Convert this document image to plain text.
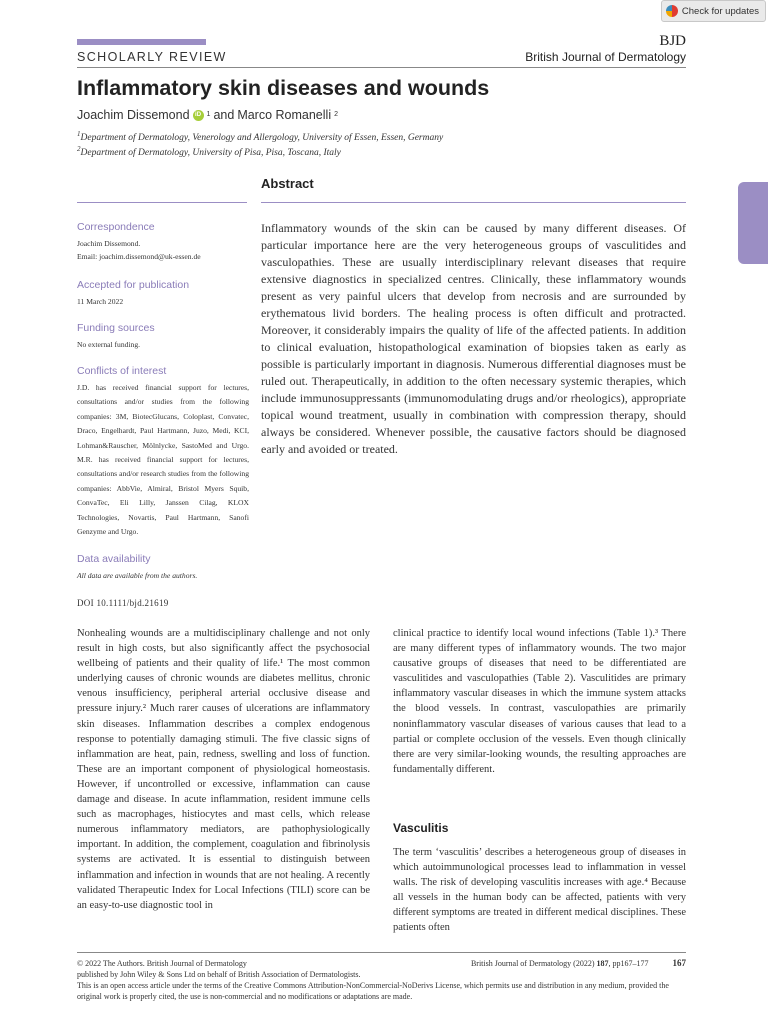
Check for updates
SCHOLARLY REVIEW
BJD
British Journal of Dermatology
Inflammatory skin diseases and wounds
Joachim Dissemond iD 1 and Marco Romanelli 2
$^1$Department of Dermatology, Venerology and Allergology, University of Essen, Essen, Germany
$^2$Department of Dermatology, University of Pisa, Pisa, Toscana, Italy
Abstract

Correspondence

Joachim Dissemond.

Email: joachim.dissemond@uk-essen.de

Accepted for publication

11 March 2022

Funding sources

No external funding.

Conflicts of interest

J.D. has received financial support for lectures, consultations and/or studies from the following companies: 3M, BiotecGlucans, Coloplast, Convatec, Draco, Engelhardt, Paul Hartmann, Juzo, Medi, KCI, Lohman&Rauscher, Mölnlycke, SastoMed and Urgo. M.R. has received financial support for lectures, consultations and/or research studies from the following companies: AbbVie, Almiral, Bristol Myers Squib, ConvaTec, Eli Lilly, Janssen Cilag, KLOX Technologies, Novartis, Paul Hartmann, Sanofi Genzyme and Urgo.

Data availability

All data are available from the authors.

Inflammatory wounds of the skin can be caused by many different diseases. Of particular importance here are the very heterogeneous groups of vasculitides and vasculopathies. These are usually interdisciplinary relevant diseases that require extensive diagnostics in specialized centres. Clinically, these inflammatory wounds present as very painful ulcers that develop from necrosis and are surrounded by erythematous livid borders. The healing process is often difficult and protracted. Moreover, it considerably impairs the quality of life of the affected patients. In addition to clinical evaluation, histopathological examination of biopsies taken as early as possible is particularly important in diagnosis. Numerous differential diagnoses must be ruled out. Therapeutically, in addition to the often necessary systemic therapies, which include immunosuppressants (immunomodulating drugs and/or rheologics), appropriate topical wound treatment, usually in combination with compression therapy, should always be considered. Whenever possible, the causative factors should be diagnosed early and avoided or treated.

DOI 10.1111/bjd.21619

Nonhealing wounds are a multidisciplinary challenge and not only result in high costs, but also significantly affect the psychosocial wellbeing of patients and their quality of life.¹ The most common underlying causes of chronic wounds are diabetes mellitus, chronic venous insufficiency, peripheral arterial occlusive disease and pressure injury.² Much rarer causes of ulcerations are inflammatory skin diseases. Inflammation describes a complex endogenous response to potentially damaging stimuli. The five classic signs of inflammation are heat, pain, redness, swelling and loss of function. These are an important component of physiological homeostasis. However, if uncontrolled or excessive, inflammation can cause damage and disease. In acute inflammation, resident immune cells such as macrophages, histiocytes and mast cells, which release numerous inflammatory mediators, are pathophysiologically important. In addition, the complement, coagulation and fibrinolysis systems are activated. It is essential to distinguish between inflammation and infection in wounds that are not healing. A recently validated Therapeutic Index for Local Infections (TILI) score can be an easy-to-use diagnostic tool in

clinical practice to identify local wound infections (Table 1).³ There are many different types of inflammatory wounds. The two major causative groups of diseases that need to be differentiated are vasculitides and vasculopathies (Table 2). Vasculitides are primary inflammatory vascular diseases in which the immune system attacks the blood vessels. In contrast, vasculopathies are primarily noninflammatory vascular diseases of various causes that lead to a partial or complete occlusion of the vessels. Even though clinically there are very similar-looking wounds, the resulting approaches are fundamentally different.

Vasculitis

The term ‘vasculitis’ describes a heterogeneous group of diseases in which autoimmunological processes lead to inflammation in vessel walls. The risk of developing vasculitis increases with age.⁴ Because all vessels in the human body can be affected, patients with very different symptoms are treated in different medical disciplines. These patients often

© 2022 The Authors. British Journal of Dermatology	British Journal of Dermatology (2022) 187, pp167–177	167
published by John Wiley & Sons Ltd on behalf of British Association of Dermatologists.
This is an open access article under the terms of the Creative Commons Attribution-NonCommercial-NoDerivs License, which permits use and distribution in any medium, provided the original work is properly cited, the use is non-commercial and no modifications or adaptations are made.
